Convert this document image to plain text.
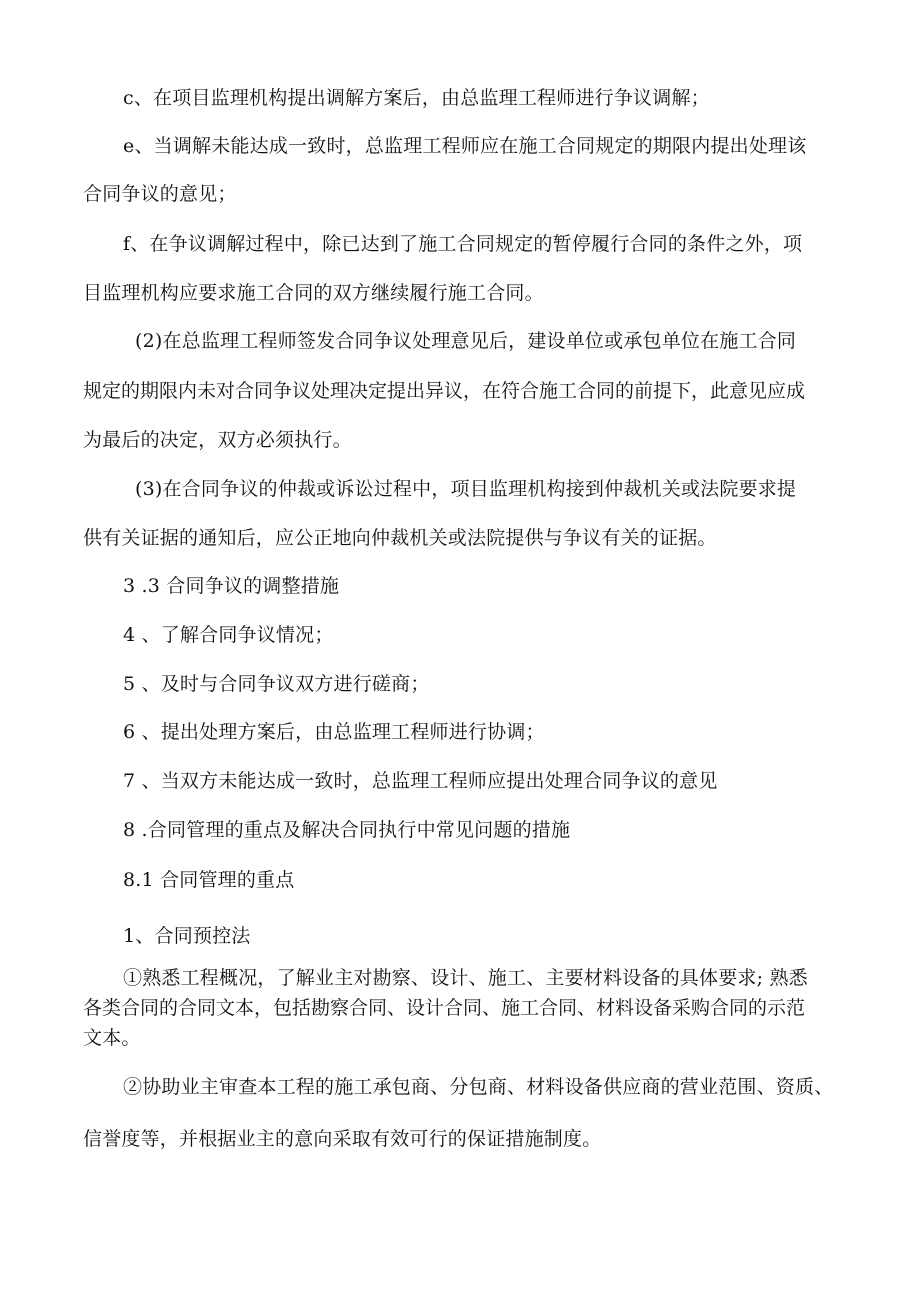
c、在项目监理机构提出调解方案后，由总监理工程师进行争议调解；
e、当调解未能达成一致时，总监理工程师应在施工合同规定的期限内提出处理该
合同争议的意见；
f、在争议调解过程中，除已达到了施工合同规定的暂停履行合同的条件之外，项
目监理机构应要求施工合同的双方继续履行施工合同。
(2)在总监理工程师签发合同争议处理意见后，建设单位或承包单位在施工合同
规定的期限内未对合同争议处理决定提出异议，在符合施工合同的前提下，此意见应成
为最后的决定，双方必须执行。
(3)在合同争议的仲裁或诉讼过程中，项目监理机构接到仲裁机关或法院要求提
供有关证据的通知后，应公正地向仲裁机关或法院提供与争议有关的证据。
3 .3 合同争议的调整措施
4 、了解合同争议情况；
5 、及时与合同争议双方进行磋商；
6 、提出处理方案后，由总监理工程师进行协调；
7 、当双方未能达成一致时，总监理工程师应提出处理合同争议的意见
8 .合同管理的重点及解决合同执行中常见问题的措施
8.1 合同管理的重点
1、合同预控法
①熟悉工程概况，了解业主对勘察、设计、施工、主要材料设备的具体要求; 熟悉
各类合同的合同文本，包括勘察合同、设计合同、施工合同、材料设备采购合同的示范
文本。
②协助业主审查本工程的施工承包商、分包商、材料设备供应商的营业范围、资质、
信誉度等，并根据业主的意向采取有效可行的保证措施制度。
